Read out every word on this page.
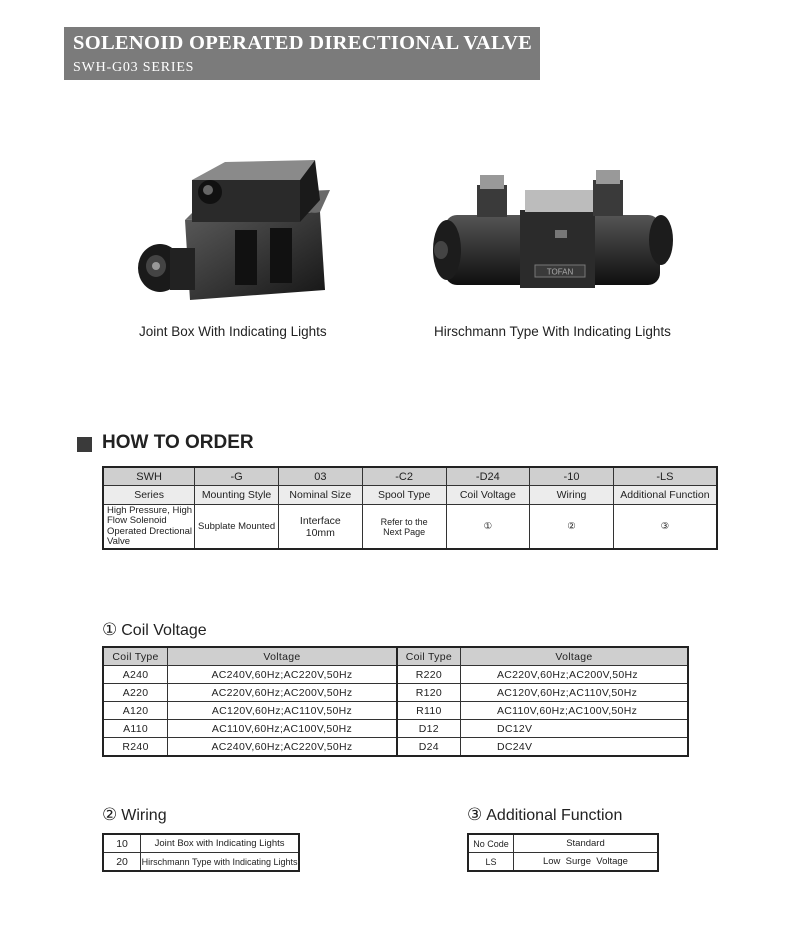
SOLENOID OPERATED DIRECTIONAL VALVE
SWH-G03 SERIES
TOFAN
Joint Box With Indicating Lights	Hirschmann Type With Indicating Lights
HOW TO ORDER
SWH	-G	03	-C2	-D24	-10	-LS
Series	Mounting Style	Nominal Size	Spool Type	Coil Voltage	Wiring	Additional Function
High Pressure, High Flow Solenoid Operated Drectional Valve	Subplate Mounted	Interface 10mm	Refer to the Next Page	①	②	③
① Coil Voltage
Coil Type	Voltage	Coil Type	Voltage
A240	AC240V,60Hz;AC220V,50Hz	R220	AC220V,60Hz;AC200V,50Hz
A220	AC220V,60Hz;AC200V,50Hz	R120	AC120V,60Hz;AC110V,50Hz
A120	AC120V,60Hz;AC110V,50Hz	R110	AC110V,60Hz;AC100V,50Hz
A110	AC110V,60Hz;AC100V,50Hz	D12	DC12V
R240	AC240V,60Hz;AC220V,50Hz	D24	DC24V
② Wiring
10	Joint Box with Indicating Lights
20	Hirschmann Type with Indicating Lights
③ Additional Function
No Code	Standard
LS	Low  Surge  Voltage
